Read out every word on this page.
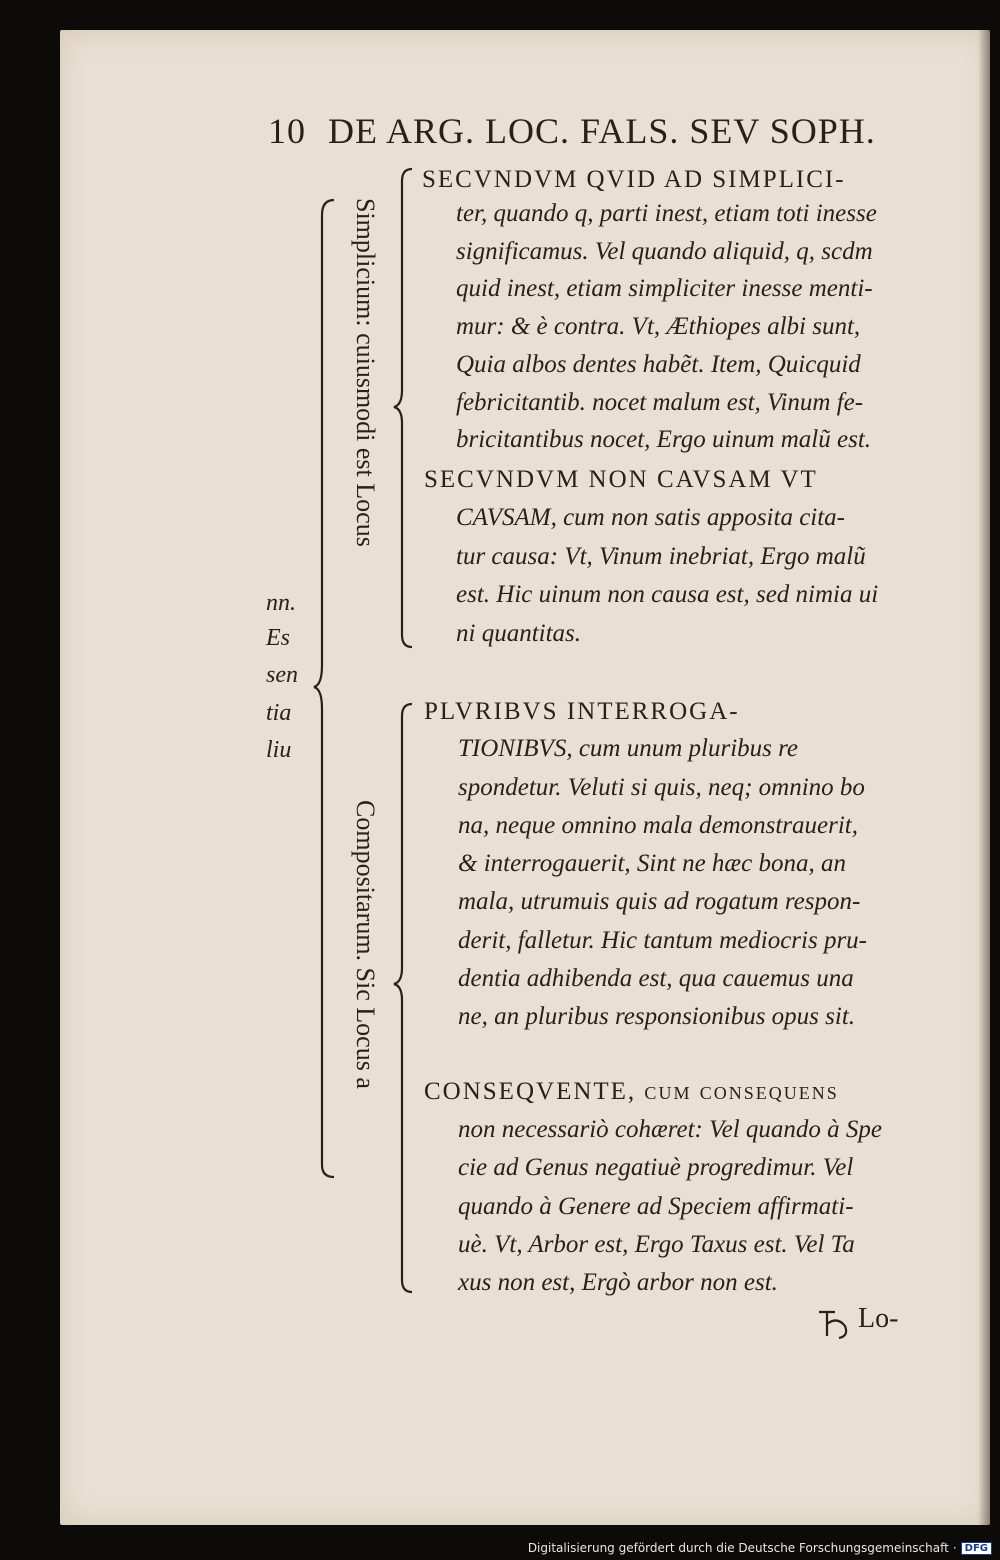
10 DE ARG. LOC. FALS. SEV SOPH.
nn.
Es
sen
tia
liu
Simplicium: cuiusmodi est Locus
Compositarum. Sic Locus a
SECVNDVM QVID AD SIMPLICI-
ter, quando q, parti inest, etiam toti inesse
significamus. Vel quando aliquid, q, scdm
quid inest, etiam simpliciter inesse menti-
mur: & è contra. Vt, Æthiopes albi sunt,
Quia albos dentes habẽt. Item, Quicquid
febricitantib. nocet malum est, Vinum fe-
bricitantibus nocet, Ergo uinum malũ est.
SECVNDVM NON CAVSAM VT
CAVSAM, cum non satis apposita cita-
tur causa: Vt, Vinum inebriat, Ergo malũ
est. Hic uinum non causa est, sed nimia ui
ni quantitas.
PLVRIBVS INTERROGA-
TIONIBVS, cum unum pluribus re
spondetur. Veluti si quis, neq; omnino bo
na, neque omnino mala demonstrauerit,
& interrogauerit, Sint ne hæc bona, an
mala, utrumuis quis ad rogatum respon-
derit, falletur. Hic tantum mediocris pru-
dentia adhibenda est, qua cauemus una
ne, an pluribus responsionibus opus sit.
CONSEQVENTE, cum consequens
non necessariò cohæret: Vel quando à Spe
cie ad Genus negatiuè progredimur. Vel
quando à Genere ad Speciem affirmati-
uè. Vt, Arbor est, Ergo Taxus est. Vel Ta
xus non est, Ergò arbor non est.
Lo-
Digitalisierung gefördert durch die Deutsche Forschungsgemeinschaft · DFG
